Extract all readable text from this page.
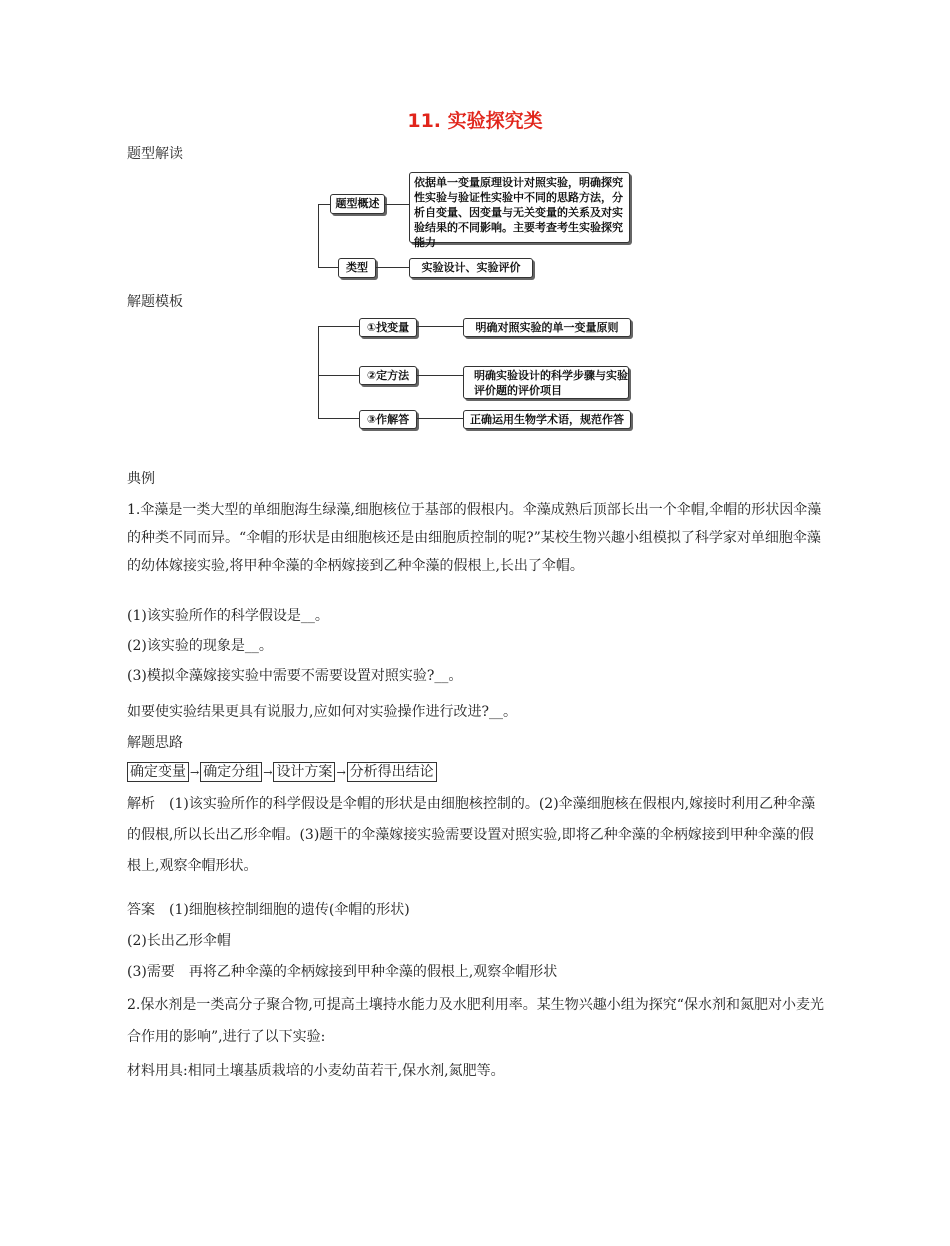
11. 实验探究类
题型解读
题型概述
依据单一变量原理设计对照实验，明确探究性实验与验证性实验中不同的思路方法，分析自变量、因变量与无关变量的关系及对实验结果的不同影响。主要考查考生实验探究能力
类型	实验设计、实验评价
解题模板
①找变量	明确对照实验的单一变量原则
②定方法	明确实验设计的科学步骤与实验评价题的评价项目
③作解答	正确运用生物学术语，规范作答
典例
1.伞藻是一类大型的单细胞海生绿藻,细胞核位于基部的假根内。伞藻成熟后顶部长出一个伞帽,伞帽的形状因伞藻的种类不同而异。“伞帽的形状是由细胞核还是由细胞质控制的呢?”某校生物兴趣小组模拟了科学家对单细胞伞藻的幼体嫁接实验,将甲种伞藻的伞柄嫁接到乙种伞藻的假根上,长出了伞帽。
(1)该实验所作的科学假设是__。
(2)该实验的现象是__。
(3)模拟伞藻嫁接实验中需要不需要设置对照实验?__。
如要使实验结果更具有说服力,应如何对实验操作进行改进?__。
解题思路
确定变量 → 确定分组 → 设计方案 → 分析得出结论
解析　(1)该实验所作的科学假设是伞帽的形状是由细胞核控制的。(2)伞藻细胞核在假根内,嫁接时利用乙种伞藻的假根,所以长出乙形伞帽。(3)题干的伞藻嫁接实验需要设置对照实验,即将乙种伞藻的伞柄嫁接到甲种伞藻的假根上,观察伞帽形状。
答案　(1)细胞核控制细胞的遗传(伞帽的形状)
(2)长出乙形伞帽
(3)需要　再将乙种伞藻的伞柄嫁接到甲种伞藻的假根上,观察伞帽形状
2.保水剂是一类高分子聚合物,可提高土壤持水能力及水肥利用率。某生物兴趣小组为探究“保水剂和氮肥对小麦光合作用的影响”,进行了以下实验:
材料用具:相同土壤基质栽培的小麦幼苗若干,保水剂,氮肥等。
